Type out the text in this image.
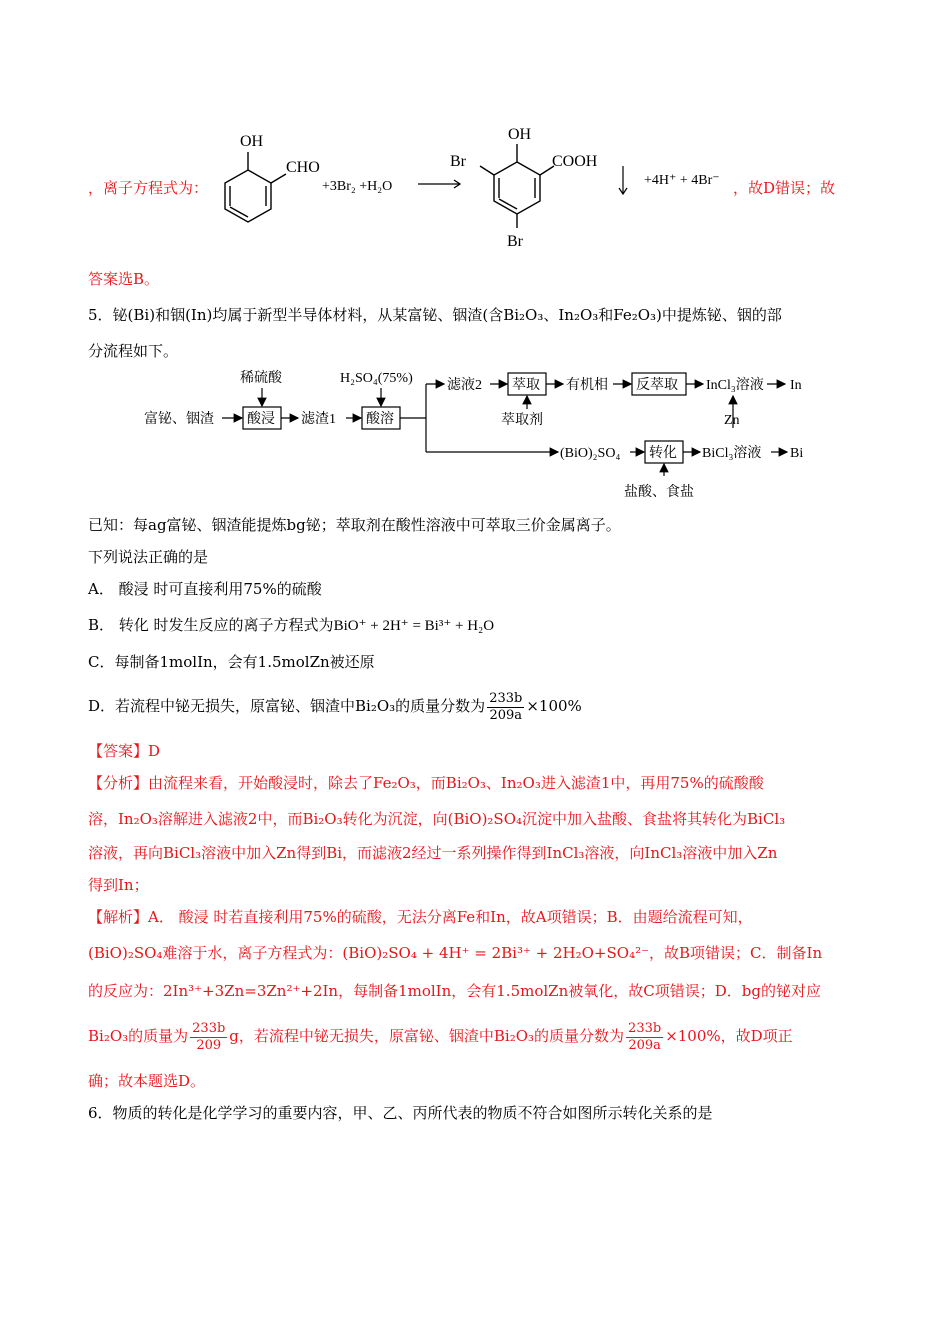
，离子方程式为：
OH
CHO
+3Br₂ +H₂O
OH
Br	COOH
Br
+4H⁺ + 4Br⁻ ，故D错误；故
答案选B。
5．铋(Bi)和铟(In)均属于新型半导体材料，从某富铋、铟渣(含Bi₂O₃、In₂O₃和Fe₂O₃)中提炼铋、铟的部
分流程如下。
稀硫酸	H₂SO₄(75%)
富铋、铟渣 酸浸 滤渣1 酸溶
滤液2 萃取
萃取剂
有机相 反萃取 InCl₃溶液 In
Zn
(BiO)₂SO₄ 转化 BiCl₃溶液 Bi
盐酸、食盐
已知：每ag富铋、铟渣能提炼bg铋；萃取剂在酸性溶液中可萃取三价金属离子。
下列说法正确的是
A． 酸浸 时可直接利用75%的硫酸
B． 转化 时发生反应的离子方程式为BiO⁺ + 2H⁺ = Bi³⁺ + H₂O
C．每制备1molIn，会有1.5molZn被还原
D．若流程中铋无损失，原富铋、铟渣中Bi₂O₃的质量分数为 $\frac{233b}{209a} \times 100\%$
【答案】D
【分析】由流程来看，开始酸浸时，除去了Fe₂O₃，而Bi₂O₃、In₂O₃进入滤渣1中，再用75%的硫酸酸
溶，In₂O₃溶解进入滤液2中，而Bi₂O₃转化为沉淀，向(BiO)₂SO₄沉淀中加入盐酸、食盐将其转化为BiCl₃
溶液，再向BiCl₃溶液中加入Zn得到Bi，而滤液2经过一系列操作得到InCl₃溶液，向InCl₃溶液中加入Zn
得到In；
【解析】A． 酸浸 时若直接利用75%的硫酸，无法分离Fe和In，故A项错误；B．由题给流程可知，
(BiO)₂SO₄难溶于水，离子方程式为：(BiO)₂SO₄ + 4H⁺ = 2Bi³⁺ + 2H₂O+SO₄²⁻，故B项错误；C．制备In
的反应为：2In³⁺+3Zn=3Zn²⁺+2In，每制备1molIn，会有1.5molZn被氧化，故C项错误；D．bg的铋对应
Bi₂O₃的质量为 $\frac{233b}{209}$ g，若流程中铋无损失，原富铋、铟渣中Bi₂O₃的质量分数为 $\frac{233b}{209a} \times 100\%$，故D项正
确；故本题选D。
6．物质的转化是化学学习的重要内容，甲、乙、丙所代表的物质不符合如图所示转化关系的是
